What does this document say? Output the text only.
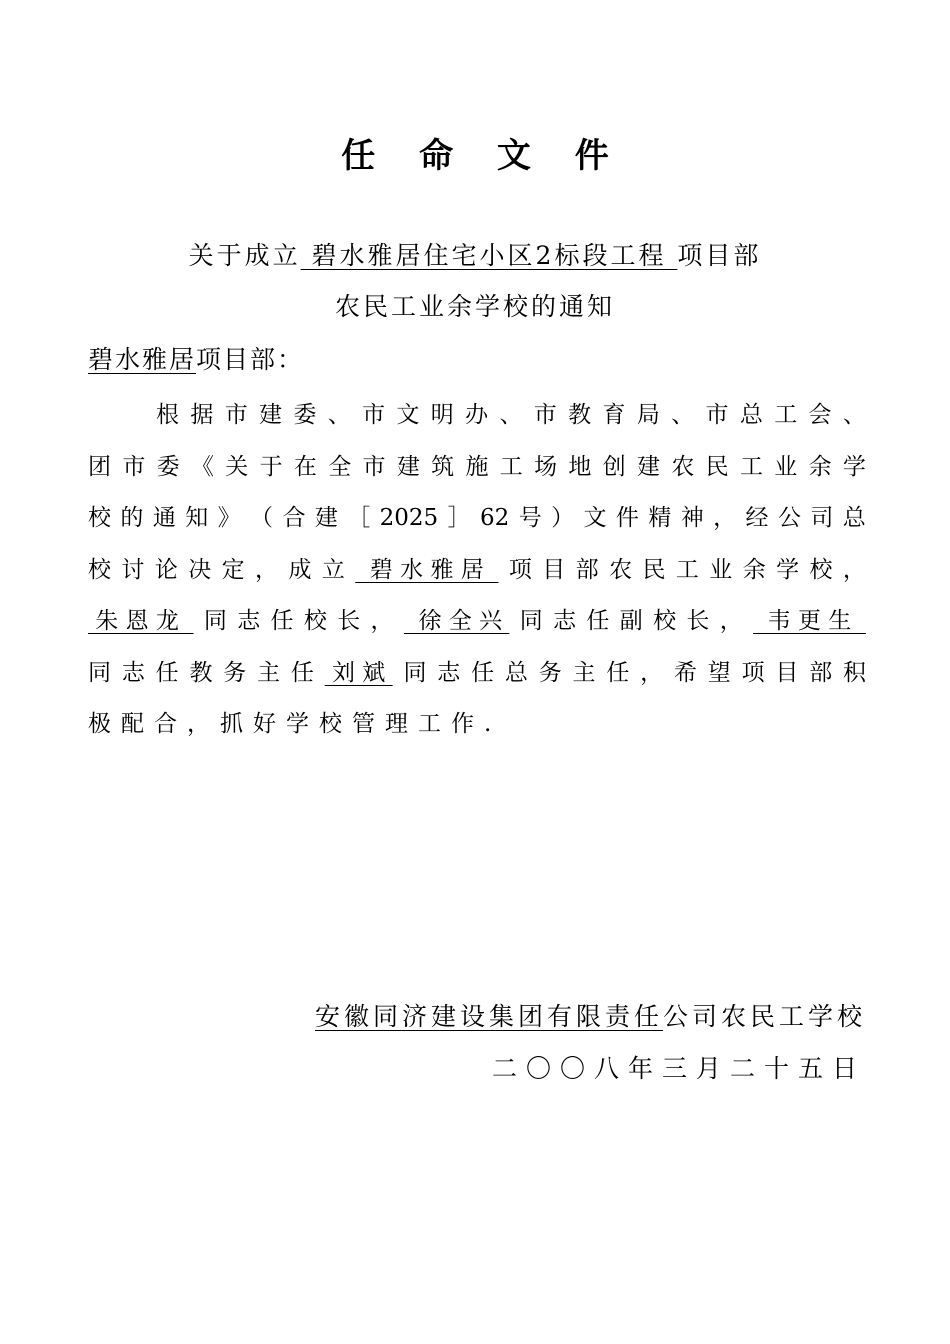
任 命 文 件
关于成立 碧水雅居住宅小区2标段工程 项目部
农民工业余学校的通知
碧水雅居项目部：
根 据 市 建 委 、 市 文 明 办 、 市 教 育 局 、 市 总 工 会 、
团 市 委 《 关 于 在 全 市 建 筑 施 工 场 地 创 建 农 民 工 业 余 学
校 的 通 知 》 （ 合 建 ［ 2025 ］ 62 号 ） 文 件 精 神 ， 经 公 司 总
校 讨 论 决 定 ， 成 立 碧 水 雅 居 项 目 部 农 民 工 业 余 学 校 ，
朱 恩 龙 同 志 任 校 长 ， 徐 全 兴 同 志 任 副 校 长 ， 韦 更 生
同 志 任 教 务 主 任 刘 斌 同 志 任 总 务 主 任 ， 希 望 项 目 部 积
极 配 合 ， 抓 好 学 校 管 理 工 作 .
安徽同济建设集团有限责任公司农民工学校
二〇〇八年三月二十五日
